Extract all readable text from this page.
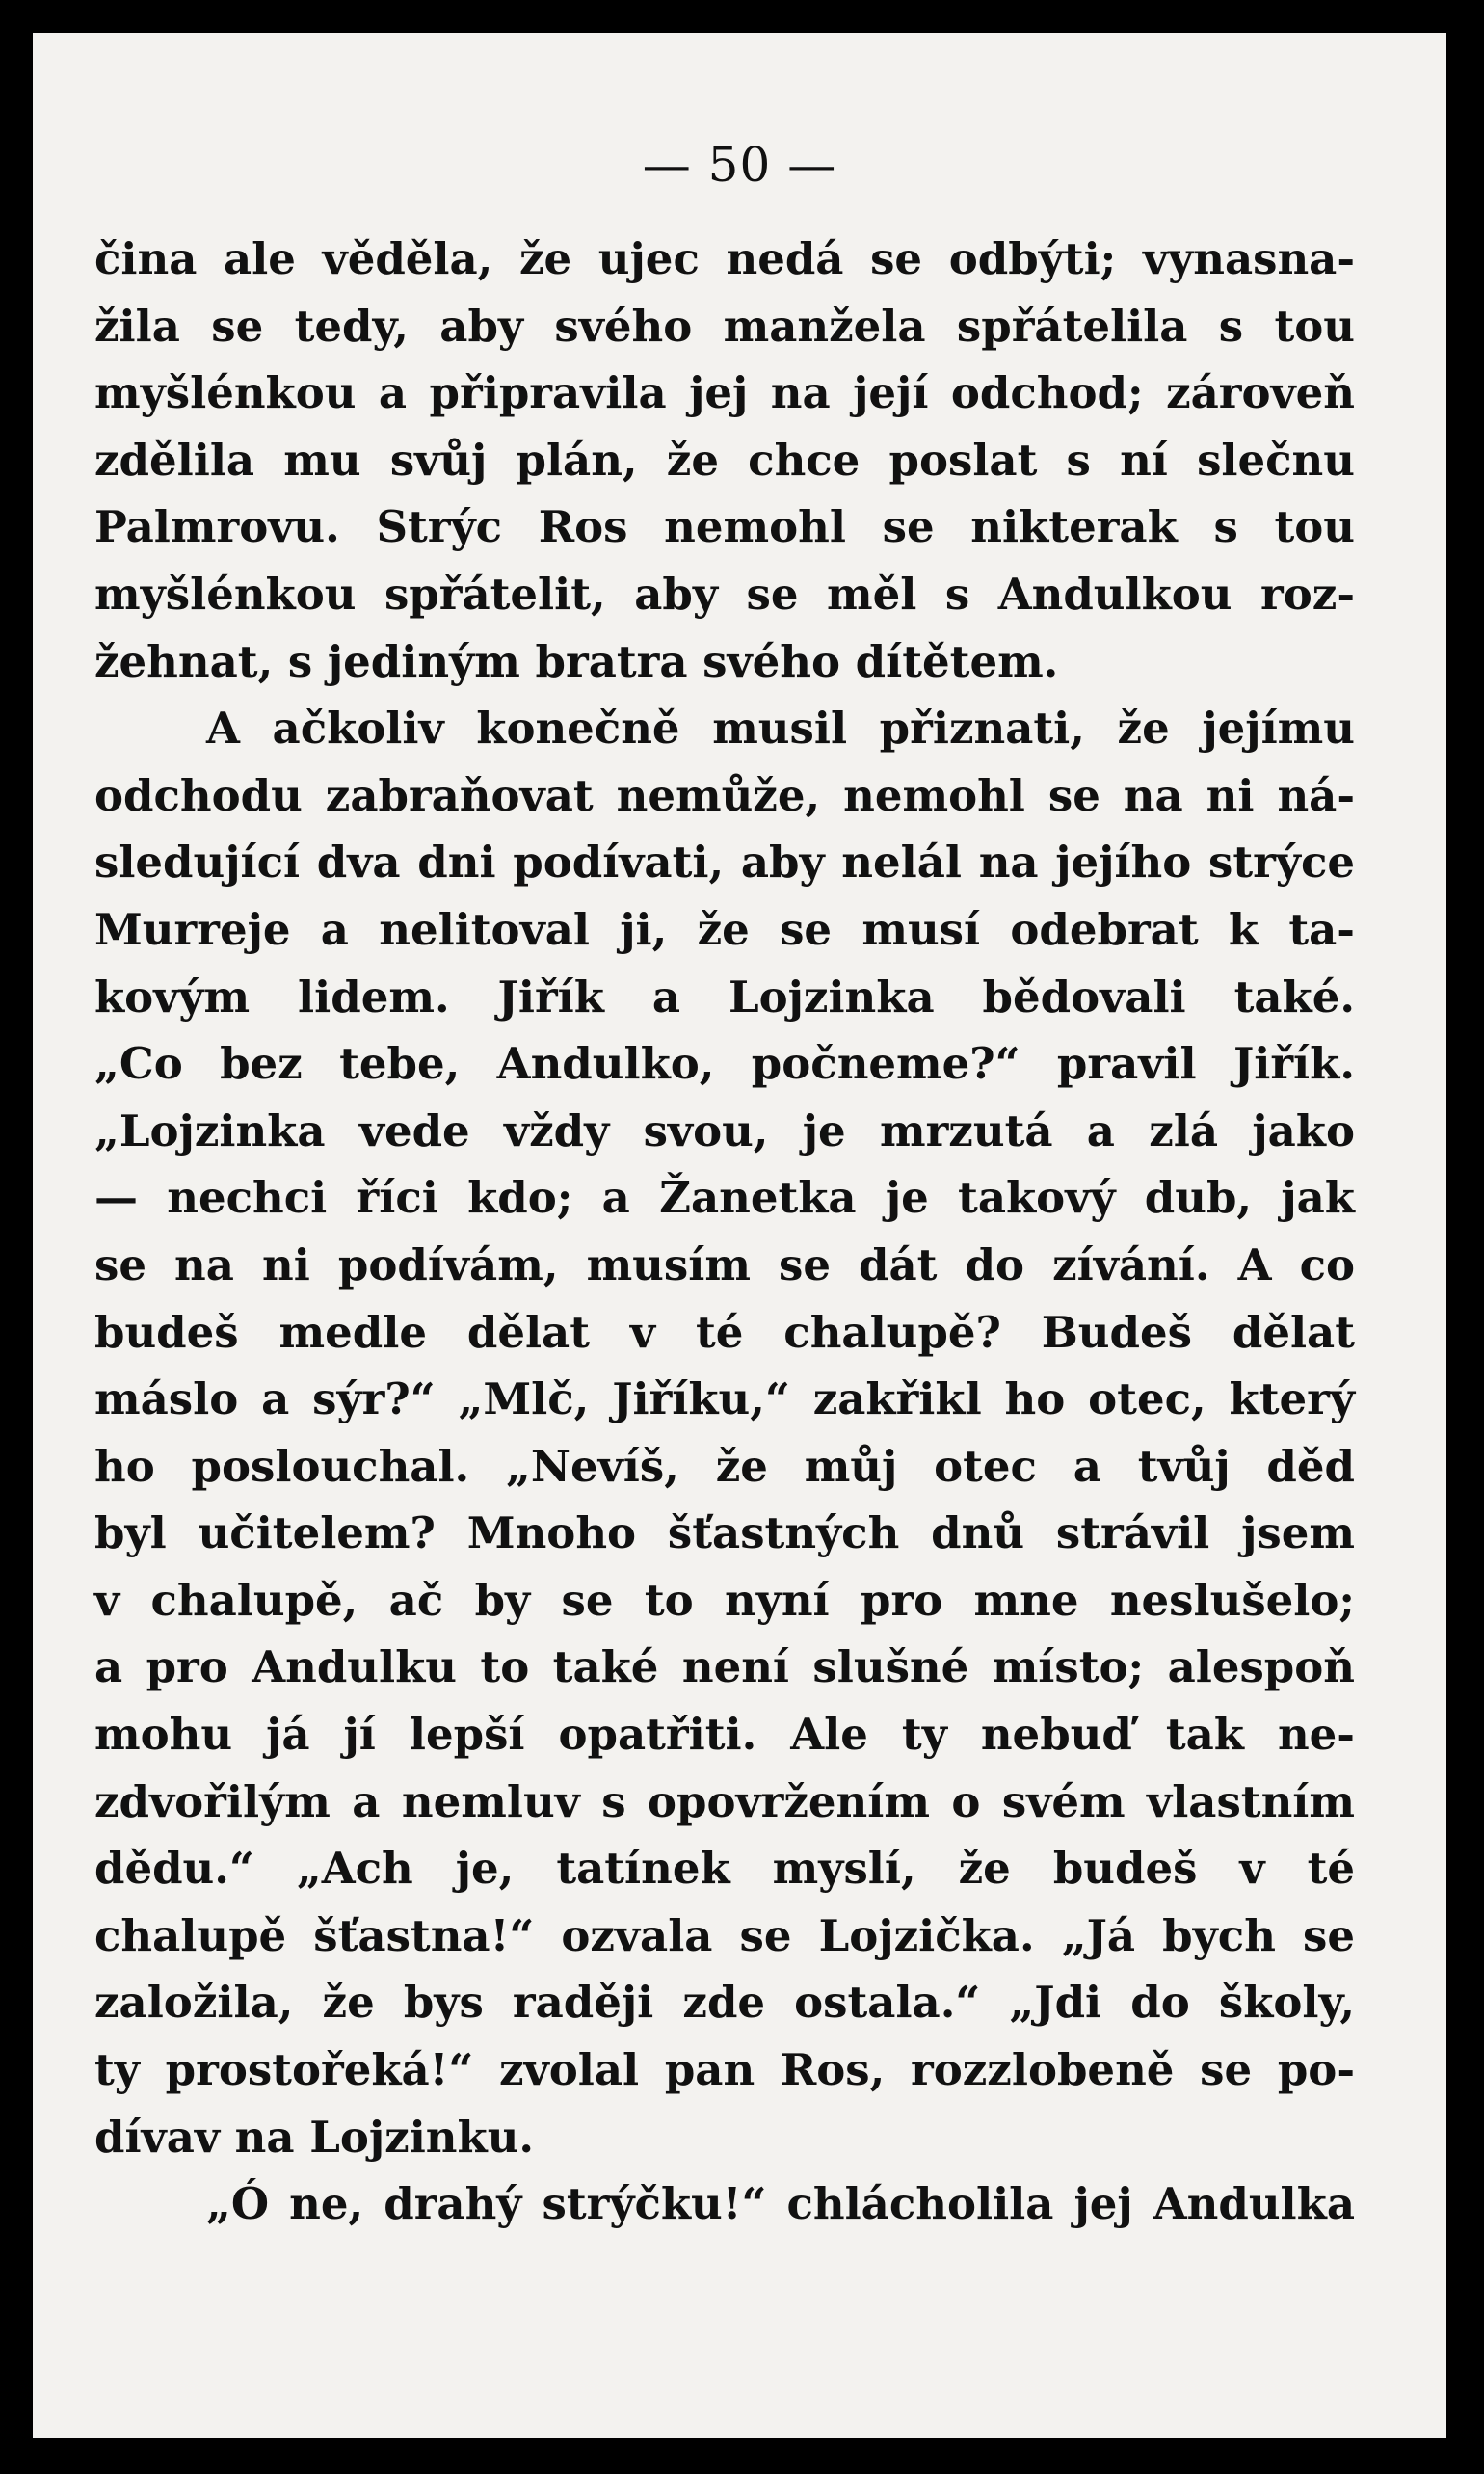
— 50 —
čina ale věděla, že ujec nedá se odbýti; vynasna-
žila se tedy, aby svého manžela spřátelila s tou
myšlénkou a připravila jej na její odchod; zároveň
zdělila mu svůj plán, že chce poslat s ní slečnu
Palmrovu. Strýc Ros nemohl se nikterak s tou
myšlénkou spřátelit, aby se měl s Andulkou roz-
žehnat, s jediným bratra svého dítětem.
A ačkoliv konečně musil přiznati, že jejímu
odchodu zabraňovat nemůže, nemohl se na ni ná-
sledující dva dni podívati, aby nelál na jejího strýce
Murreje a nelitoval ji, že se musí odebrat k ta-
kovým lidem. Jiřík a Lojzinka bědovali také.
„Co bez tebe, Andulko, počneme?“ pravil Jiřík.
„Lojzinka vede vždy svou, je mrzutá a zlá jako
— nechci říci kdo; a Žanetka je takový dub, jak
se na ni podívám, musím se dát do zívání. A co
budeš medle dělat v té chalupě? Budeš dělat
máslo a sýr?“ „Mlč, Jiříku,“ zakřikl ho otec, který
ho poslouchal. „Nevíš, že můj otec a tvůj děd
byl učitelem? Mnoho šťastných dnů strávil jsem
v chalupě, ač by se to nyní pro mne neslušelo;
a pro Andulku to také není slušné místo; alespoň
mohu já jí lepší opatřiti. Ale ty nebuď tak ne-
zdvořilým a nemluv s opovržením o svém vlastním
dědu.“ „Ach je, tatínek myslí, že budeš v té
chalupě šťastna!“ ozvala se Lojzička. „Já bych se
založila, že bys raději zde ostala.“ „Jdi do školy,
ty prostořeká!“ zvolal pan Ros, rozzlobeně se po-
dívav na Lojzinku.
„Ó ne, drahý strýčku!“ chlácholila jej Andulka
